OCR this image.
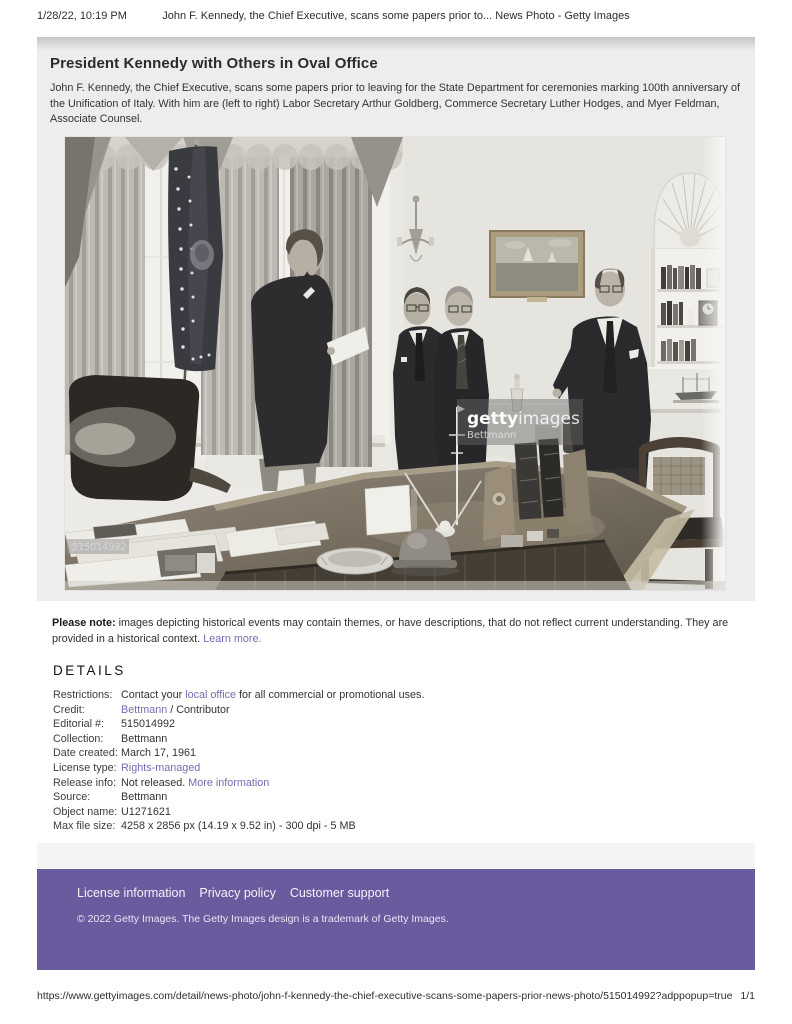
1/28/22, 10:19 PM	John F. Kennedy, the Chief Executive, scans some papers prior to... News Photo - Getty Images
President Kennedy with Others in Oval Office

John F. Kennedy, the Chief Executive, scans some papers prior to leaving for the State Department for ceremonies marking 100th anniversary of the Unification of Italy. With him are (left to right) Labor Secretary Arthur Goldberg, Commerce Secretary Luther Hodges, and Myer Feldman, Associate Counsel.

gettyimages
Bettmann
515014992

Please note: images depicting historical events may contain themes, or have descriptions, that do not reflect current understanding. They are provided in a historical context. Learn more.

DETAILS
Restrictions: Contact your local office for all commercial or promotional uses.
Credit:	Bettmann / Contributor
Editorial #:	515014992
Collection:	Bettmann
Date created: March 17, 1961
License type: Rights-managed
Release info: Not released. More information
Source:	Bettmann
Object name: U1271621
Max file size: 4258 x 2856 px (14.19 x 9.52 in) - 300 dpi - 5 MB
License information Privacy policy Customer support

© 2022 Getty Images. The Getty Images design is a trademark of Getty Images.

https://www.gettyimages.com/detail/news-photo/john-f-kennedy-the-chief-executive-scans-some-papers-prior-news-photo/515014992?adppopup=true 1/1
